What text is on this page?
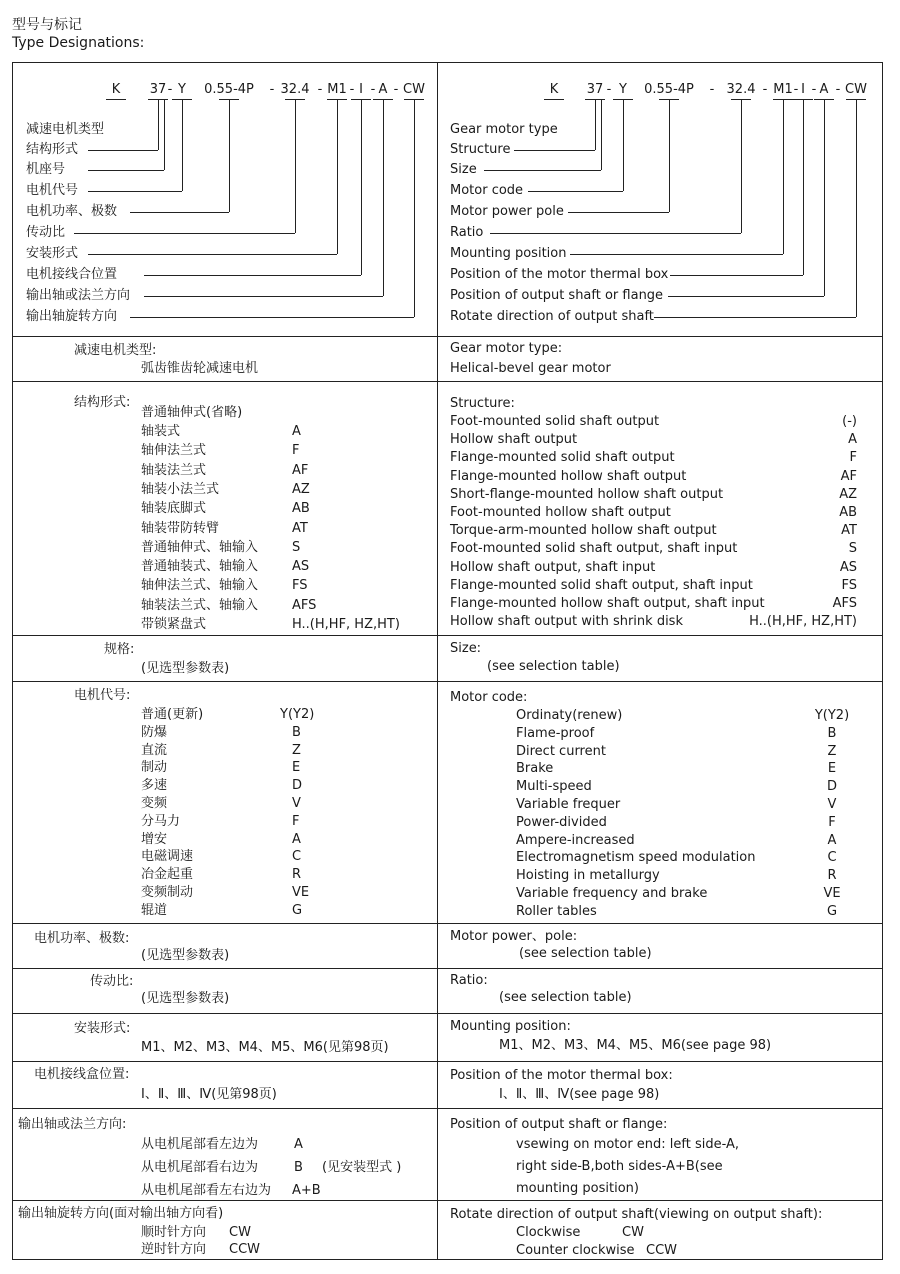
型号与标记
Type Designations:
普通轴伸式(省略)
轴装式	A
轴伸法兰式	F
轴装法兰式	AF
轴装小法兰式	AZ
轴装底脚式	AB
轴装带防转臂	AT
普通轴伸式、轴输入	S
普通轴装式、轴输入	AS
轴伸法兰式、轴输入	FS
轴装法兰式、轴输入	AFS
带锁紧盘式	H..(H,HF, HZ,HT)
Foot-mounted solid shaft output	(-)
Hollow shaft output	A
Flange-mounted solid shaft output	F
Flange-mounted hollow shaft output	AF
Short-flange-mounted hollow shaft output	AZ
Foot-mounted hollow shaft output	AB
Torque-arm-mounted hollow shaft output	AT
Foot-mounted solid shaft output, shaft input	S
Hollow shaft output, shaft input	AS
Flange-mounted solid shaft output, shaft input	FS
Flange-mounted hollow shaft output, shaft input	AFS
Hollow shaft output with shrink disk	H..(H,HF, HZ,HT)
普通(更新)	Y(Y2)
防爆	B
直流	Z
制动	E
多速	D
变频	V
分马力	F
增安	A
电磁调速	C
冶金起重	R
变频制动	VE
辊道	G
Ordinaty(renew)	Y(Y2)
Flame-proof	B
Direct current	Z
Brake	E
Multi-speed	D
Variable frequer	V
Power-divided	F
Ampere-increased	A
Electromagnetism speed modulation	C
Hoisting in metallurgy	R
Variable frequency and brake	VE
Roller tables	G
从电机尾部看左边为	A
从电机尾部看右边为	B (见安装型式 )
从电机尾部看左右边为 A+B
vsewing on motor end: left side-A,
right side-B,both sides-A+B(see
mounting position)
顺时针方向 CW
逆时针方向 CCW
Clockwise	CW
Counter clockwise CCW
K 37 - Y 0.55-4P - 32.4 - M1 - I - A - CW
减速电机类型
结构形式
机座号
电机代号
电机功率、极数
传动比
安装形式
电机接线合位置
输出轴或法兰方向
输出轴旋转方向
K 37 - Y 0.55-4P - 32.4 - M1 - I - A - CW
Gear motor type
Structure
Size
Motor code
Motor power pole
Ratio
Mounting position
Position of the motor thermal box
Position of output shaft or flange
Rotate direction of output shaft
减速电机类型:
弧齿锥齿轮减速电机
Gear motor type:
Helical-bevel gear motor
结构形式:	Structure:
规格:
(见选型参数表)
Size:
(see selection table)
电机代号:	Motor code:
电机功率、极数:
(见选型参数表)
Motor power、pole:
(see selection table)
传动比:
(见选型参数表)
Ratio:
(see selection table)
安装形式:
M1、M2、M3、M4、M5、M6(见第98页)
Mounting position:
M1、M2、M3、M4、M5、M6(see page 98)
电机接线盒位置:
Ⅰ、Ⅱ、Ⅲ、Ⅳ(见第98页)
Position of the motor thermal box:
Ⅰ、Ⅱ、Ⅲ、Ⅳ(see page 98)
输出轴或法兰方向:	Position of output shaft or flange:
输出轴旋转方向(面对输出轴方向看)	Rotate direction of output shaft(viewing on output shaft):
